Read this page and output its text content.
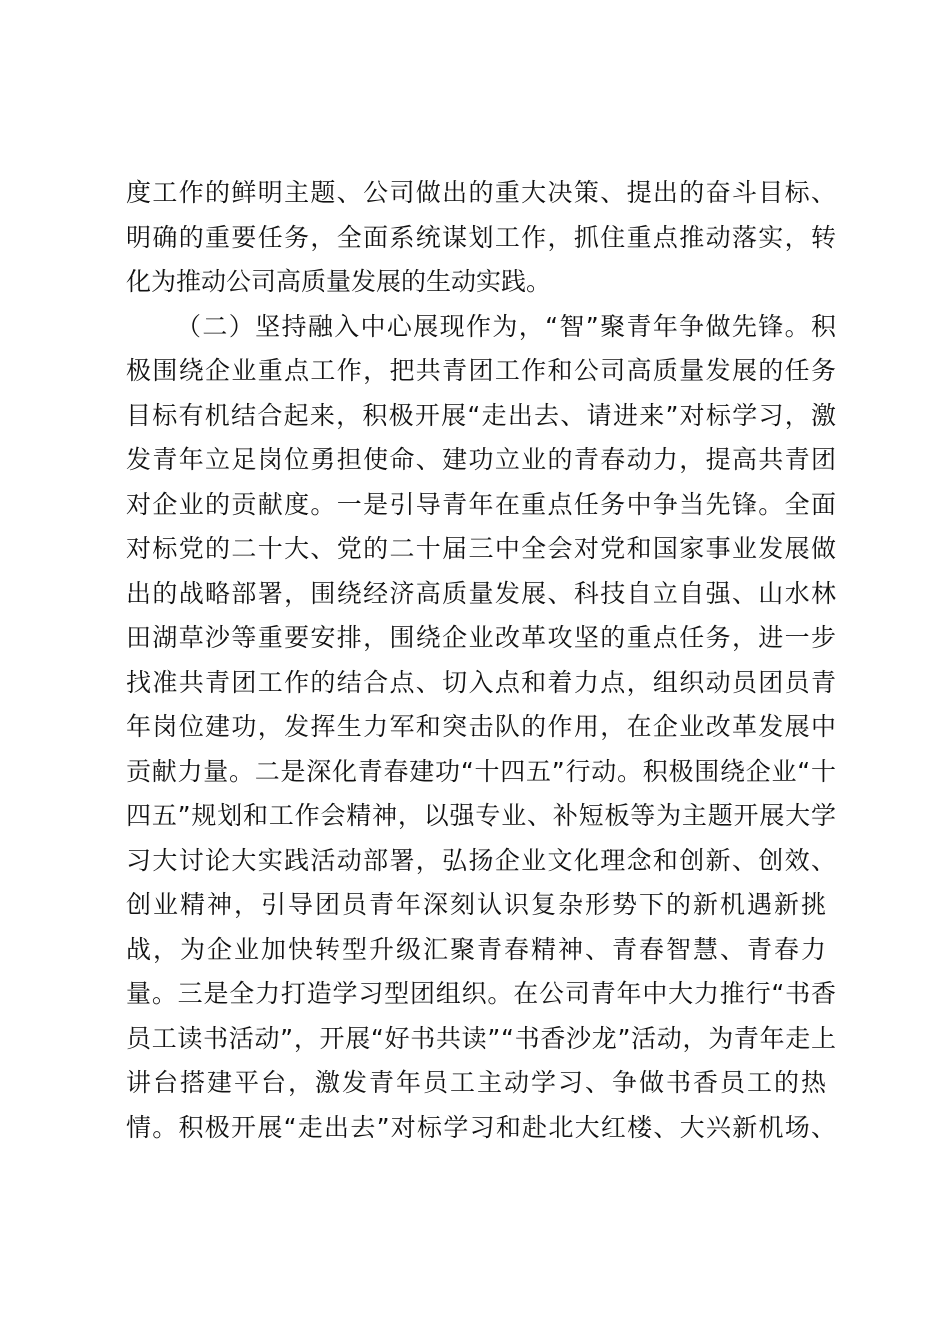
度工作的鲜明主题、公司做出的重大决策、提出的奋斗目标、
明确的重要任务，全面系统谋划工作，抓住重点推动落实，转
化为推动公司高质量发展的生动实践。
（二）坚持融入中心展现作为，“智”聚青年争做先锋。积
极围绕企业重点工作，把共青团工作和公司高质量发展的任务
目标有机结合起来，积极开展“走出去、请进来”对标学习，激
发青年立足岗位勇担使命、建功立业的青春动力，提高共青团
对企业的贡献度。一是引导青年在重点任务中争当先锋。全面
对标党的二十大、党的二十届三中全会对党和国家事业发展做
出的战略部署，围绕经济高质量发展、科技自立自强、山水林
田湖草沙等重要安排，围绕企业改革攻坚的重点任务，进一步
找准共青团工作的结合点、切入点和着力点，组织动员团员青
年岗位建功，发挥生力军和突击队的作用，在企业改革发展中
贡献力量。二是深化青春建功“十四五”行动。积极围绕企业“十
四五”规划和工作会精神，以强专业、补短板等为主题开展大学
习大讨论大实践活动部署，弘扬企业文化理念和创新、创效、
创业精神，引导团员青年深刻认识复杂形势下的新机遇新挑
战，为企业加快转型升级汇聚青春精神、青春智慧、青春力
量。三是全力打造学习型团组织。在公司青年中大力推行“书香
员工读书活动”，开展“好书共读”“书香沙龙”活动，为青年走上
讲台搭建平台，激发青年员工主动学习、争做书香员工的热
情。积极开展“走出去”对标学习和赴北大红楼、大兴新机场、
